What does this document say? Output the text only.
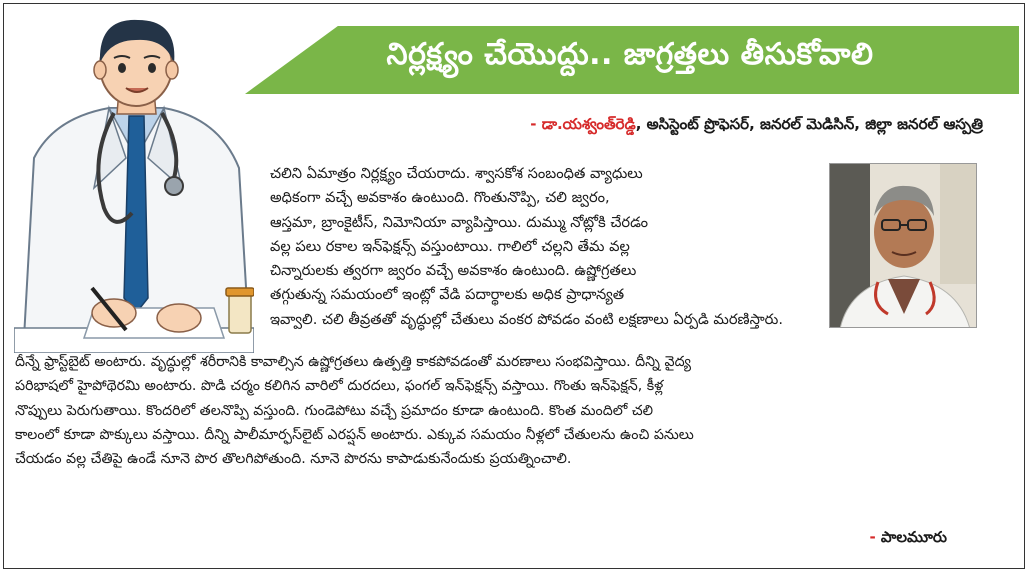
నిర్లక్ష్యం చేయొద్దు.. జాగ్రత్తలు తీసుకోవాలి
- డా.యశ్వంత్‌రెడ్డి, అసిస్టెంట్ ప్రొఫెసర్, జనరల్ మెడిసిన్, జిల్లా జనరల్ ఆస్పత్రి
చలిని ఏమాత్రం నిర్లక్ష్యం చేయరాదు. శ్వాసకోశ సంబంధిత వ్యాధులు
అధికంగా వచ్చే అవకాశం ఉంటుంది. గొంతునొప్పి, చలి జ్వరం,
ఆస్తమా, బ్రాంకైటీస్, నిమోనియా వ్యాపిస్తాయి. దుమ్ము నోట్లోకి చేరడం
వల్ల పలు రకాల ఇన్‌ఫెక్షన్స్ వస్తుంటాయి. గాలిలో చల్లని తేమ వల్ల
చిన్నారులకు త్వరగా జ్వరం వచ్చే అవకాశం ఉంటుంది. ఉష్ణోగ్రతలు
తగ్గుతున్న సమయంలో ఇంట్లో వేడి పదార్థాలకు అధిక ప్రాధాన్యత
ఇవ్వాలి. చలి తీవ్రతతో వృద్ధుల్లో చేతులు వంకర పోవడం వంటి లక్షణాలు ఏర్పడి మరణిస్తారు.
దీన్నే ఫ్రాస్ట్‌బైట్ అంటారు. వృద్ధుల్లో శరీరానికి కావాల్సిన ఉష్ణోగ్రతలు ఉత్పత్తి కాకపోవడంతో మరణాలు సంభవిస్తాయి. దీన్ని వైద్య
పరిభాషలో హైపోథెరమి అంటారు. పొడి చర్మం కలిగిన వారిలో దురదలు, ఫంగల్ ఇన్‌ఫెక్షన్స్ వస్తాయి. గొంతు ఇన్‌ఫెక్షన్, కీళ్ల
నొప్పులు పెరుగుతాయి. కొందరిలో తలనొప్పి వస్తుంది. గుండెపోటు వచ్చే ప్రమాదం కూడా ఉంటుంది. కొంత మందిలో చలి
కాలంలో కూడా పొక్కులు వస్తాయి. దీన్ని పాలీమార్ఫస్‌లైట్ ఎరప్షన్ అంటారు. ఎక్కువ సమయం నీళ్లలో చేతులను ఉంచి పనులు
చేయడం వల్ల చేతిపై ఉండే నూనె పొర తొలగిపోతుంది. నూనె పొరను కాపాడుకునేందుకు ప్రయత్నించాలి.
- పాలమూరు
